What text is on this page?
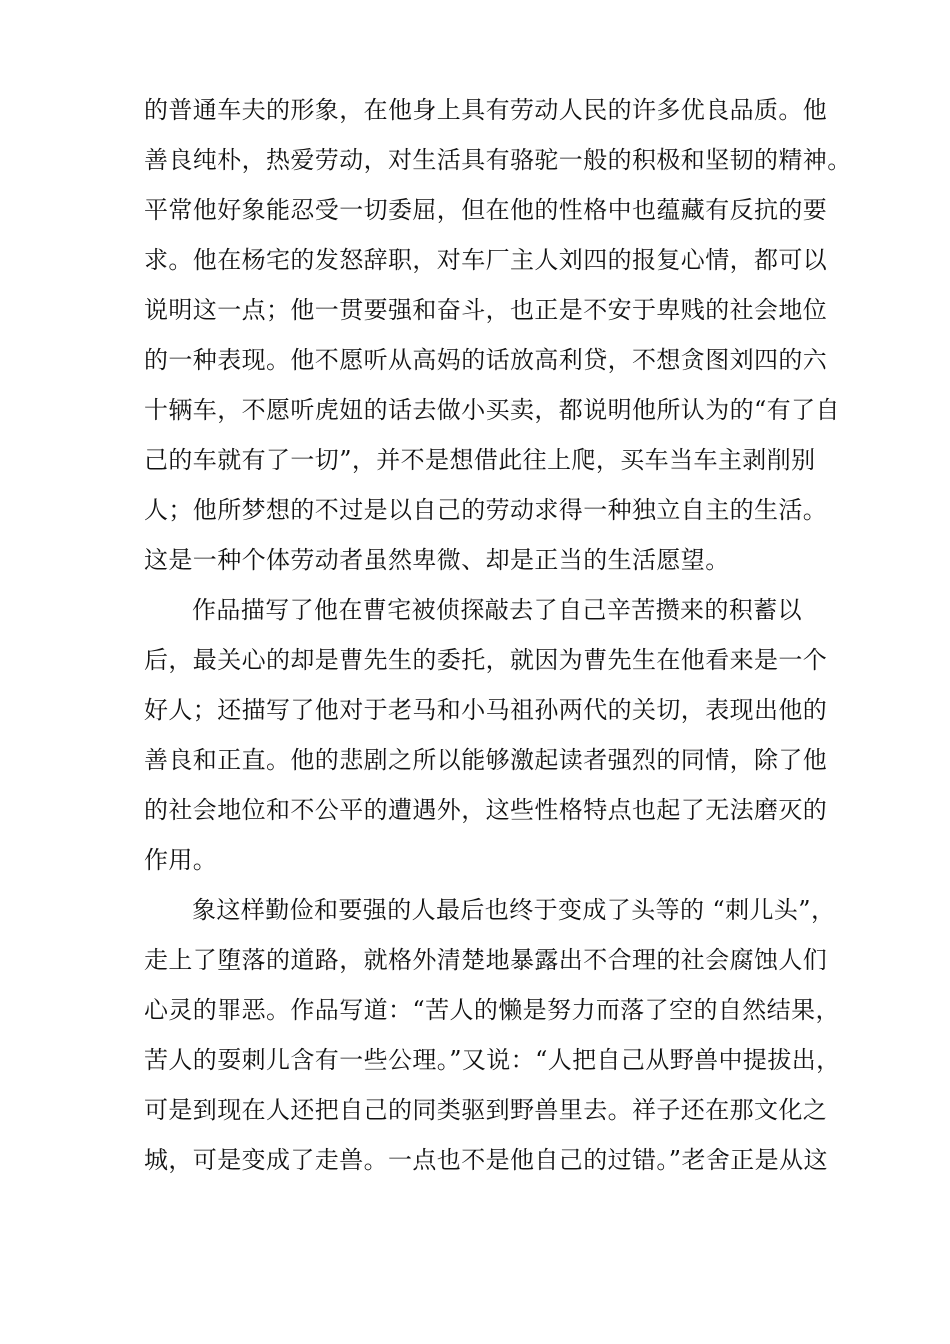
的普通车夫的形象，在他身上具有劳动人民的许多优良品质。他
善良纯朴，热爱劳动，对生活具有骆驼一般的积极和坚韧的精神。
平常他好象能忍受一切委屈，但在他的性格中也蕴藏有反抗的要
求。他在杨宅的发怒辞职，对车厂主人刘四的报复心情，都可以
说明这一点；他一贯要强和奋斗，也正是不安于卑贱的社会地位
的一种表现。他不愿听从高妈的话放高利贷，不想贪图刘四的六
十辆车，不愿听虎妞的话去做小买卖，都说明他所认为的“有了自
己的车就有了一切”，并不是想借此往上爬，买车当车主剥削别
人；他所梦想的不过是以自己的劳动求得一种独立自主的生活。
这是一种个体劳动者虽然卑微、却是正当的生活愿望。
作品描写了他在曹宅被侦探敲去了自己辛苦攒来的积蓄以
后，最关心的却是曹先生的委托，就因为曹先生在他看来是一个
好人；还描写了他对于老马和小马祖孙两代的关切，表现出他的
善良和正直。他的悲剧之所以能够激起读者强烈的同情，除了他
的社会地位和不公平的遭遇外，这些性格特点也起了无法磨灭的
作用。
象这样勤俭和要强的人最后也终于变成了头等的 “刺儿头”，
走上了堕落的道路，就格外清楚地暴露出不合理的社会腐蚀人们
心灵的罪恶。作品写道：“苦人的懒是努力而落了空的自然结果，
苦人的耍刺儿含有一些公理。”又说：“人把自己从野兽中提拔出，
可是到现在人还把自己的同类驱到野兽里去。祥子还在那文化之
城，可是变成了走兽。一点也不是他自己的过错。”老舍正是从这
